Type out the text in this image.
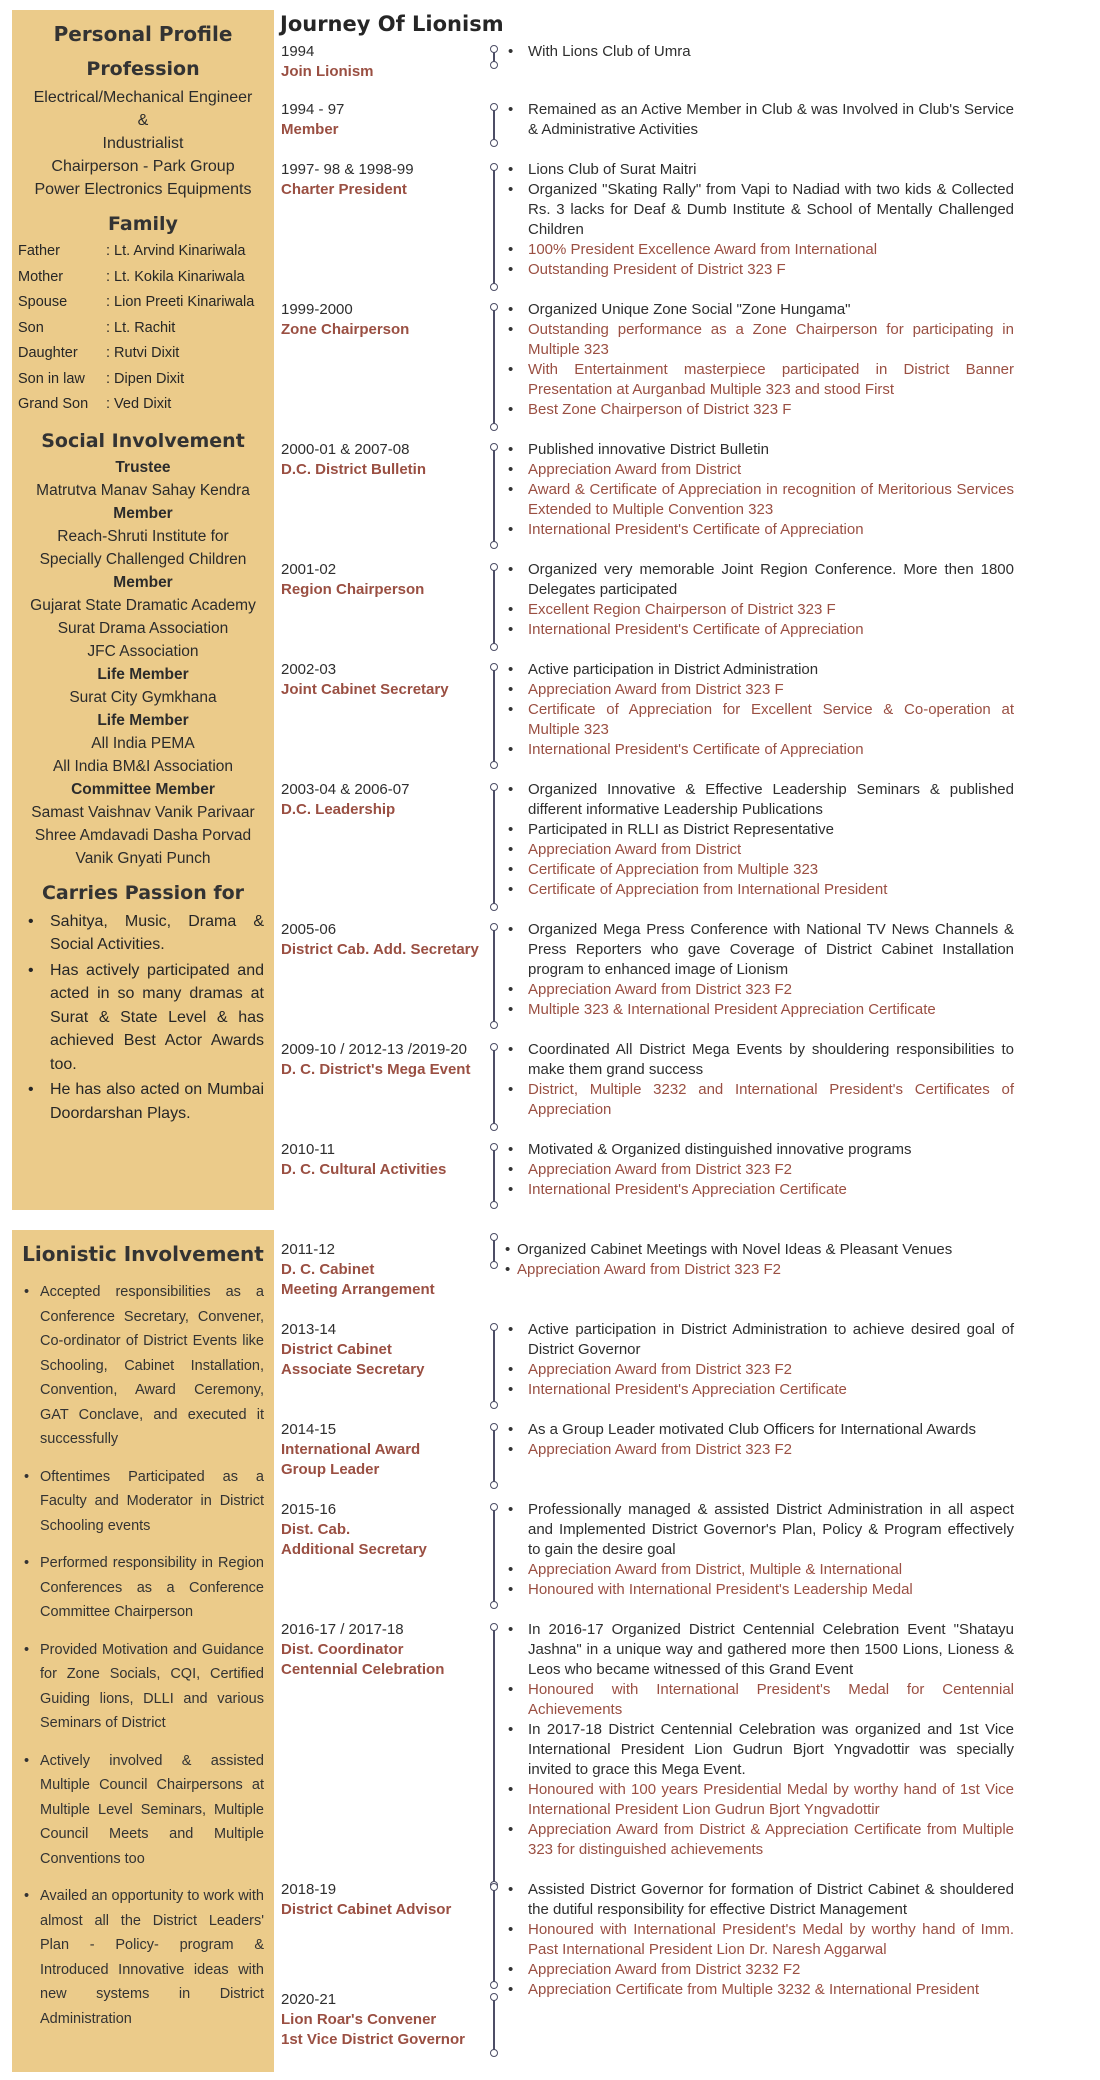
Personal Profile
Profession
Electrical/Mechanical Engineer
&
Industrialist
Chairperson - Park Group
Power Electronics Equipments
Family
Father	: Lt. Arvind Kinariwala
Mother	: Lt. Kokila Kinariwala
Spouse	: Lion Preeti Kinariwala
Son	: Lt. Rachit
Daughter	: Rutvi Dixit
Son in law	: Dipen Dixit
Grand Son	: Ved Dixit
Social Involvement
Trustee
Matrutva Manav Sahay Kendra
Member
Reach-Shruti Institute for
Specially Challenged Children
Member
Gujarat State Dramatic Academy
Surat Drama Association
JFC Association
Life Member
Surat City Gymkhana
Life Member
All India PEMA
All India BM&I Association
Committee Member
Samast Vaishnav Vanik Parivaar
Shree Amdavadi Dasha Porvad
Vanik Gnyati Punch
Carries Passion for
• Sahitya, Music, Drama & Social Activities.
• Has actively participated and acted in so many dramas at Surat & State Level & has achieved Best Actor Awards too.
• He has also acted on Mumbai Doordarshan Plays.
Lionistic Involvement
• Accepted responsibilities as a Conference Secretary, Convener, Co-ordinator of District Events like Schooling, Cabinet Installation, Convention, Award Ceremony, GAT Conclave, and executed it successfully
• Oftentimes Participated as a Faculty and Moderator in District Schooling events
• Performed responsibility in Region Conferences as a Conference Committee Chairperson
• Provided Motivation and Guidance for Zone Socials, CQI, Certified Guiding lions, DLLI and various Seminars of District
• Actively involved & assisted Multiple Council Chairpersons at Multiple Level Seminars, Multiple Council Meets and Multiple Conventions too
• Availed an opportunity to work with almost all the District Leaders' Plan - Policy- program & Introduced Innovative ideas with new systems in District Administration
Journey Of Lionism
1994
Join Lionism
• With Lions Club of Umra
1994 - 97
Member
• Remained as an Active Member in Club & was Involved in Club's Service & Administrative Activities
1997- 98 & 1998-99
Charter President
• Lions Club of Surat Maitri
• Organized "Skating Rally" from Vapi to Nadiad with two kids & Collected Rs. 3 lacks for Deaf & Dumb Institute & School of Mentally Challenged Children
• 100% President Excellence Award from International
• Outstanding President of District 323 F
1999-2000
Zone Chairperson
• Organized Unique Zone Social "Zone Hungama"
• Outstanding performance as a Zone Chairperson for participating in Multiple 323
• With Entertainment masterpiece participated in District Banner Presentation at Aurganbad Multiple 323 and stood First
• Best Zone Chairperson of District 323 F
2000-01 & 2007-08
D.C. District Bulletin
• Published innovative District Bulletin
• Appreciation Award from District
• Award & Certificate of Appreciation in recognition of Meritorious Services Extended to Multiple Convention 323
• International President's Certificate of Appreciation
2001-02
Region Chairperson
• Organized very memorable Joint Region Conference. More then 1800 Delegates participated
• Excellent Region Chairperson of District 323 F
• International President's Certificate of Appreciation
2002-03
Joint Cabinet Secretary
• Active participation in District Administration
• Appreciation Award from District 323 F
• Certificate of Appreciation for Excellent Service & Co-operation at Multiple 323
• International President's Certificate of Appreciation
2003-04 & 2006-07
D.C. Leadership
• Organized Innovative & Effective Leadership Seminars & published different informative Leadership Publications
• Participated in RLLI as District Representative
• Appreciation Award from District
• Certificate of Appreciation from Multiple 323
• Certificate of Appreciation from International President
2005-06
District Cab. Add. Secretary
• Organized Mega Press Conference with National TV News Channels & Press Reporters who gave Coverage of District Cabinet Installation program to enhanced image of Lionism
• Appreciation Award from District 323 F2
• Multiple 323 & International President Appreciation Certificate
2009-10 / 2012-13 /2019-20
D. C. District's Mega Event
• Coordinated All District Mega Events by shouldering responsibilities to make them grand success
• District, Multiple 3232 and International President's Certificates of Appreciation
2010-11
D. C. Cultural Activities
• Motivated & Organized distinguished innovative programs
• Appreciation Award from District 323 F2
• International President's Appreciation Certificate
2011-12
D. C. Cabinet
Meeting Arrangement
• Organized Cabinet Meetings with Novel Ideas & Pleasant Venues
• Appreciation Award from District 323 F2
2013-14
District Cabinet
Associate Secretary
• Active participation in District Administration to achieve desired goal of District Governor
• Appreciation Award from District 323 F2
• International President's Appreciation Certificate
2014-15
International Award
Group Leader
• As a Group Leader motivated Club Officers for International Awards
• Appreciation Award from District 323 F2
2015-16
Dist. Cab.
Additional Secretary
• Professionally managed & assisted District Administration in all aspect and Implemented District Governor's Plan, Policy & Program effectively to gain the desire goal
• Appreciation Award from District, Multiple & International
• Honoured with International President's Leadership Medal
2016-17 / 2017-18
Dist. Coordinator
Centennial Celebration
• In 2016-17 Organized District Centennial Celebration Event "Shatayu Jashna" in a unique way and gathered more then 1500 Lions, Lioness & Leos who became witnessed of this Grand Event
• Honoured with International President's Medal for Centennial Achievements
• In 2017-18 District Centennial Celebration was organized and 1st Vice International President Lion Gudrun Bjort Yngvadottir was specially invited to grace this Mega Event.
• Honoured with 100 years Presidential Medal by worthy hand of 1st Vice International President Lion Gudrun Bjort Yngvadottir
• Appreciation Award from District & Appreciation Certificate from Multiple 323 for distinguished achievements
2018-19
District Cabinet Advisor
• Assisted District Governor for formation of District Cabinet & shouldered the dutiful responsibility for effective District Management
• Honoured with International President's Medal by worthy hand of Imm. Past International President Lion Dr. Naresh Aggarwal
• Appreciation Award from District 3232 F2
• Appreciation Certificate from Multiple 3232 & International President
2020-21
Lion Roar's Convener
1st Vice District Governor
